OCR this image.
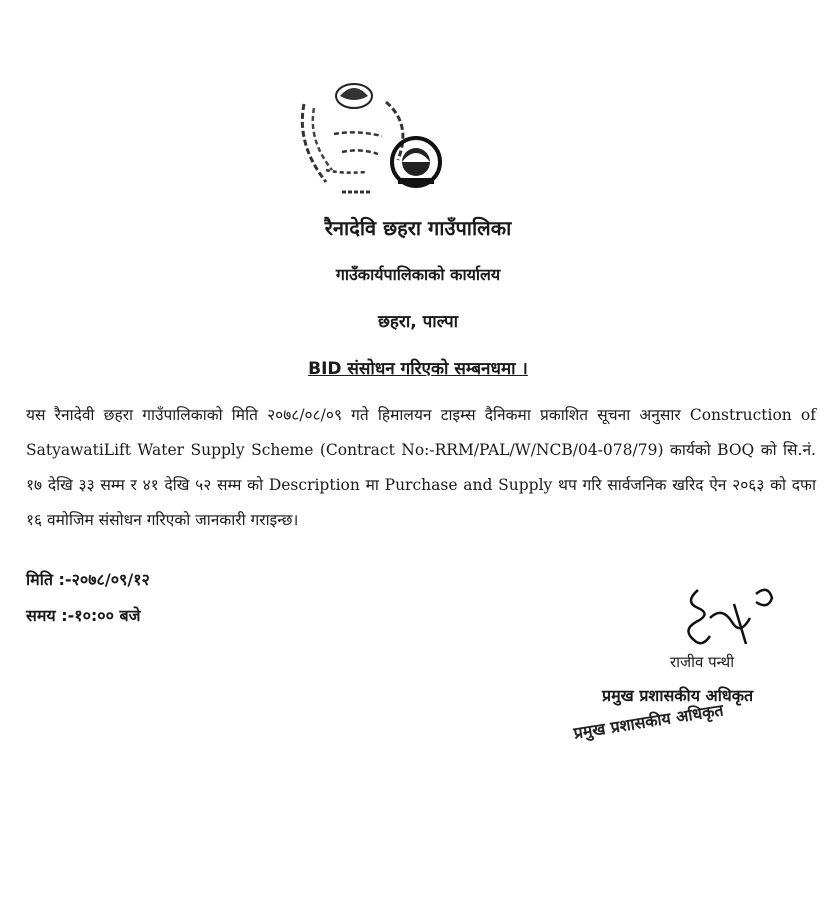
रैनादेवि छहरा गाउँपालिका
गाउँकार्यपालिकाको कार्यालय
छहरा, पाल्पा
BID संसोधन गरिएको सम्बनधमा ।
यस रैनादेवी छहरा गाउँपालिकाको मिति २०७८/०८/०९ गते हिमालयन टाइम्स दैनिकमा प्रकाशित सूचना अनुसार Construction of SatyawatiLift Water Supply Scheme (Contract No:-RRM/PAL/W/NCB/04-078/79) कार्यको BOQ को सि.नं. १७ देखि ३३ सम्म र ४१ देखि ५२ सम्म को Description मा Purchase and Supply थप गरि सार्वजनिक खरिद ऐन २०६३ को दफा १६ वमोजिम संसोधन गरिएको जानकारी गराइन्छ।
मिति :-२०७८/०९/१२
समय :-१०:०० बजे
राजीव पन्थी
प्रमुख प्रशासकीय अधिकृत
प्रमुख प्रशासकीय अधिकृत
